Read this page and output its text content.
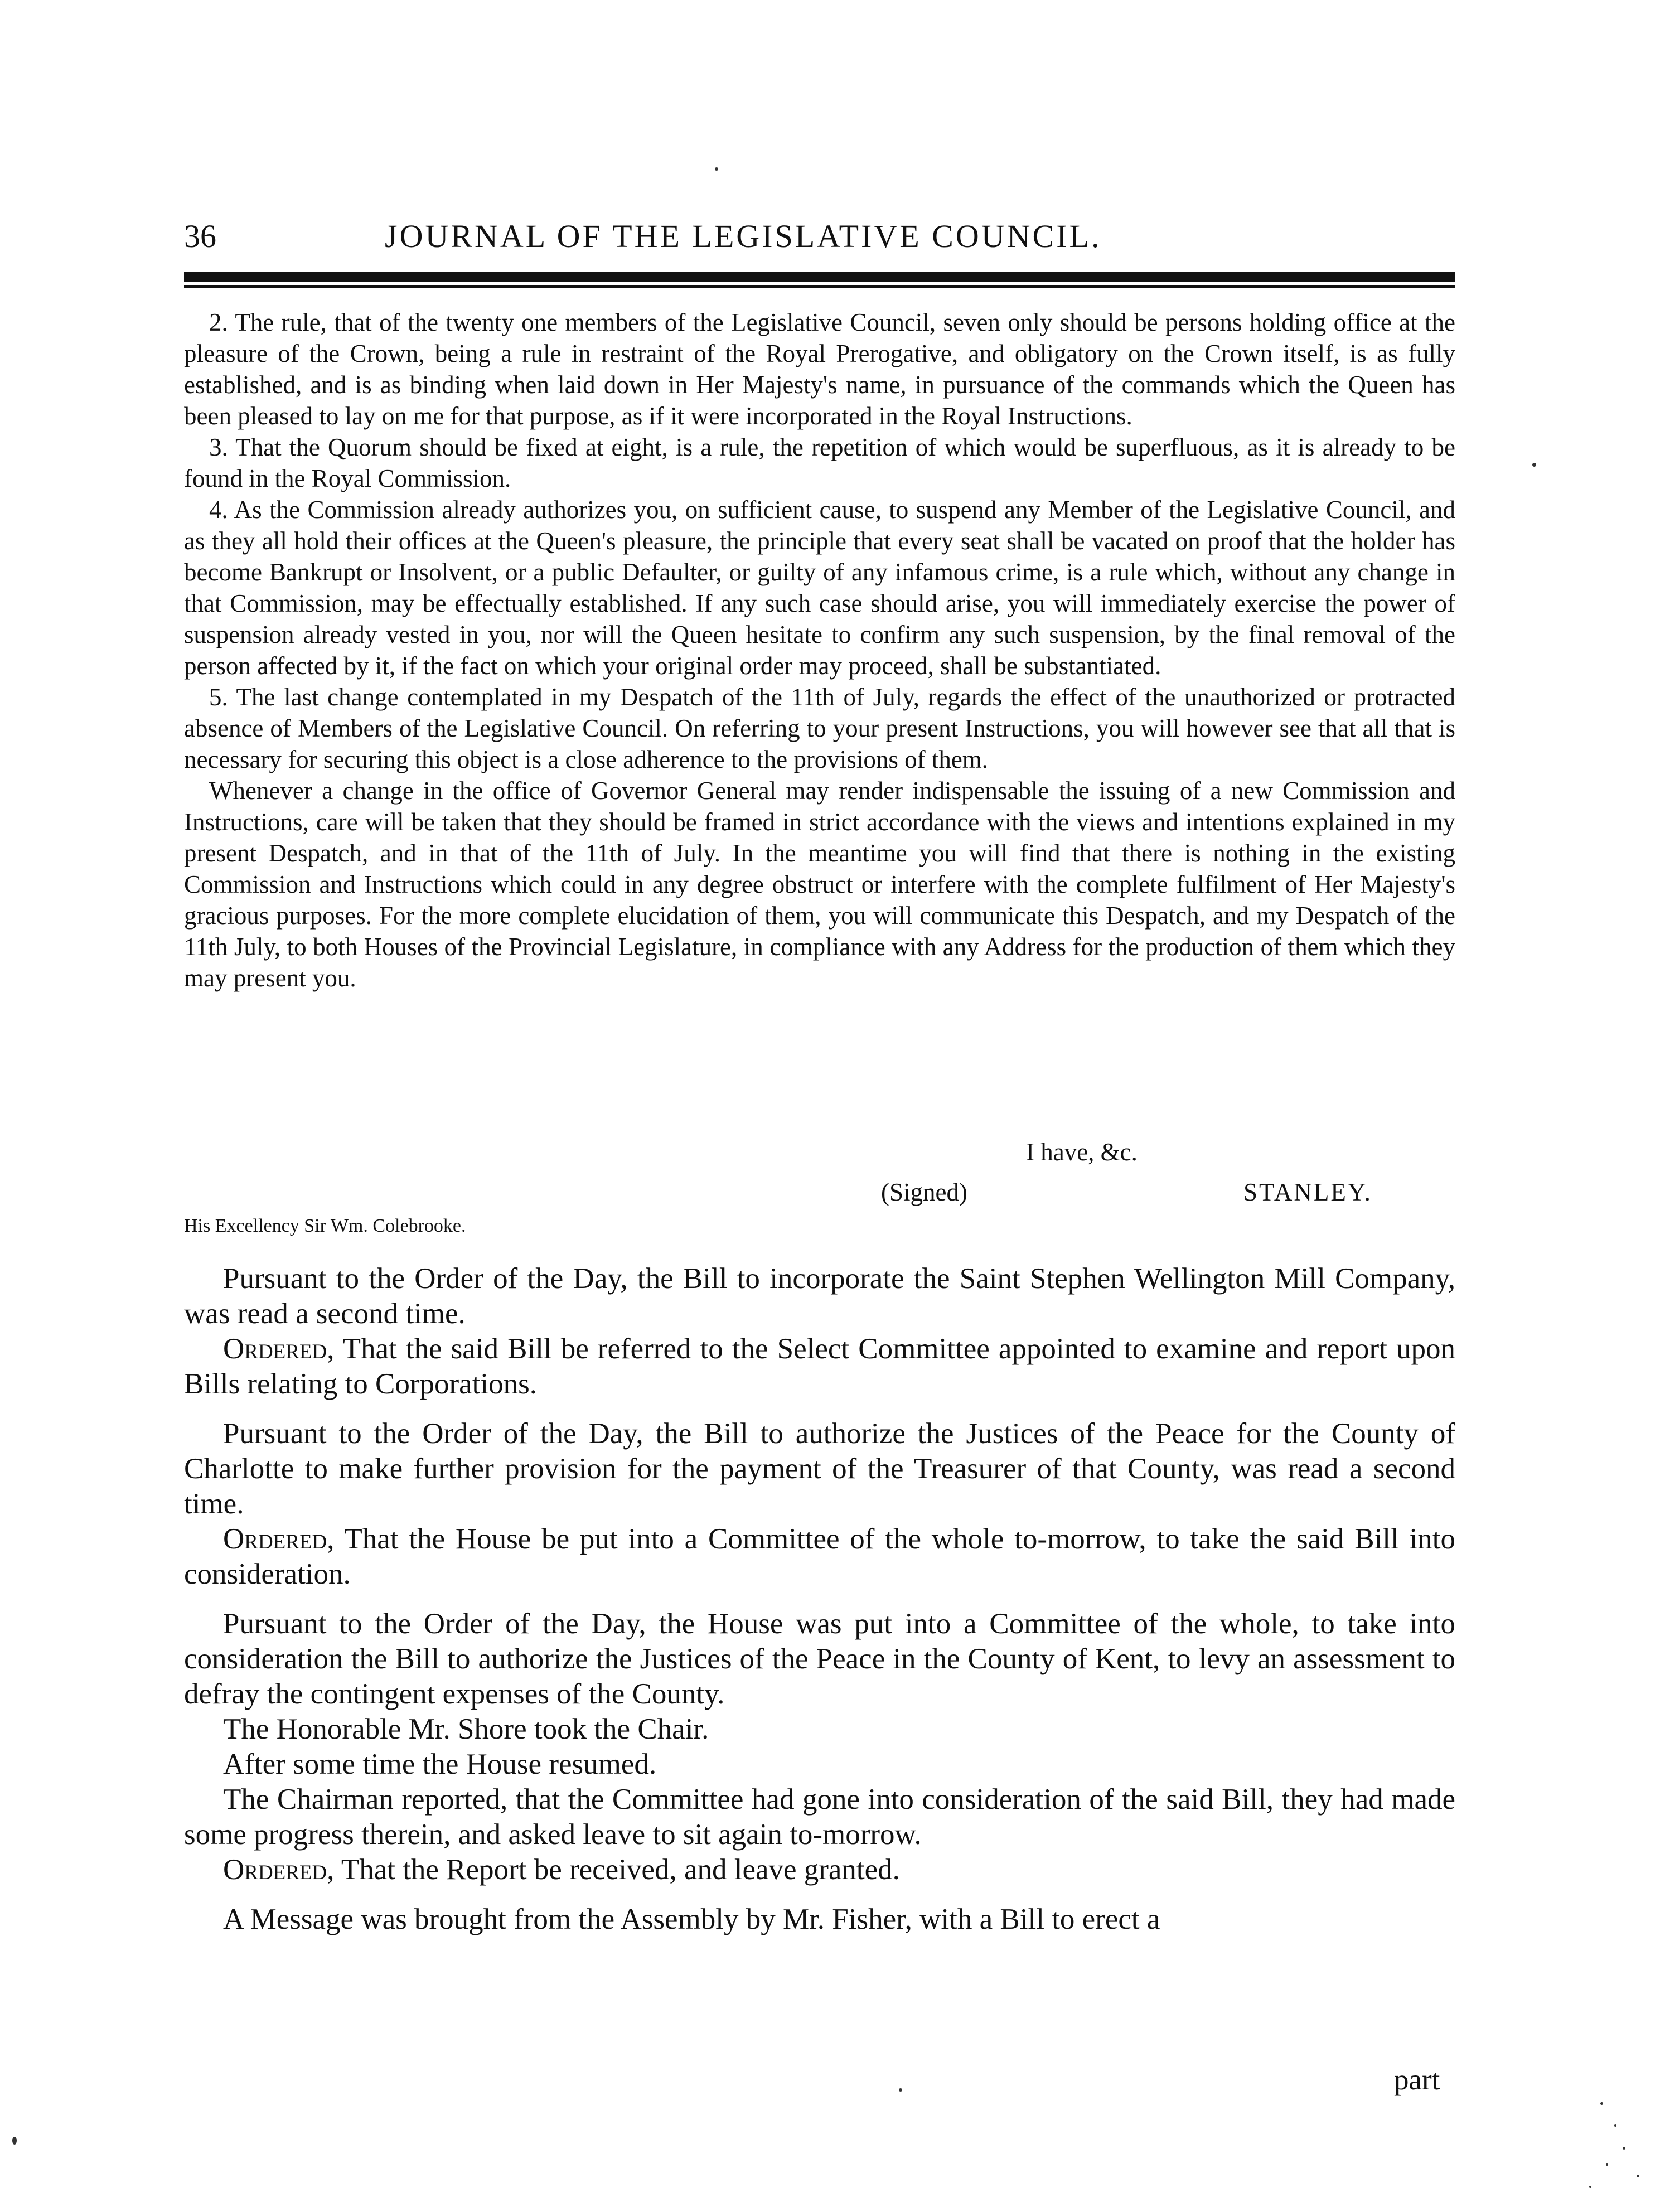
36	JOURNAL OF THE LEGISLATIVE COUNCIL.

2. The rule, that of the twenty one members of the Legislative Council, seven only should be persons holding office at the pleasure of the Crown, being a rule in restraint of the Royal Prerogative, and obligatory on the Crown itself, is as fully established, and is as binding when laid down in Her Majesty's name, in pursuance of the commands which the Queen has been pleased to lay on me for that purpose, as if it were incorporated in the Royal Instructions.

3. That the Quorum should be fixed at eight, is a rule, the repetition of which would be superfluous, as it is already to be found in the Royal Commission.

4. As the Commission already authorizes you, on sufficient cause, to suspend any Member of the Legislative Council, and as they all hold their offices at the Queen's pleasure, the principle that every seat shall be vacated on proof that the holder has become Bankrupt or Insolvent, or a public Defaulter, or guilty of any infamous crime, is a rule which, without any change in that Commission, may be effectually established. If any such case should arise, you will immediately exercise the power of suspension already vested in you, nor will the Queen hesitate to confirm any such suspension, by the final removal of the person affected by it, if the fact on which your original order may proceed, shall be substantiated.

5. The last change contemplated in my Despatch of the 11th of July, regards the effect of the unauthorized or protracted absence of Members of the Legislative Council. On referring to your present Instructions, you will however see that all that is necessary for securing this object is a close adherence to the provisions of them.

Whenever a change in the office of Governor General may render indispensable the issuing of a new Commission and Instructions, care will be taken that they should be framed in strict accordance with the views and intentions explained in my present Despatch, and in that of the 11th of July. In the meantime you will find that there is nothing in the existing Commission and Instructions which could in any degree obstruct or interfere with the complete fulfilment of Her Majesty's gracious purposes. For the more complete elucidation of them, you will communicate this Despatch, and my Despatch of the 11th July, to both Houses of the Provincial Legislature, in compliance with any Address for the production of them which they may present you.

I have, &c.
(Signed)	STANLEY.
His Excellency Sir Wm. Colebrooke.

Pursuant to the Order of the Day, the Bill to incorporate the Saint Stephen Wellington Mill Company, was read a second time.

Ordered, That the said Bill be referred to the Select Committee appointed to examine and report upon Bills relating to Corporations.

Pursuant to the Order of the Day, the Bill to authorize the Justices of the Peace for the County of Charlotte to make further provision for the payment of the Treasurer of that County, was read a second time.

Ordered, That the House be put into a Committee of the whole to-morrow, to take the said Bill into consideration.

Pursuant to the Order of the Day, the House was put into a Committee of the whole, to take into consideration the Bill to authorize the Justices of the Peace in the County of Kent, to levy an assessment to defray the contingent expenses of the County.

The Honorable Mr. Shore took the Chair.

After some time the House resumed.

The Chairman reported, that the Committee had gone into consideration of the said Bill, they had made some progress therein, and asked leave to sit again to-morrow.

Ordered, That the Report be received, and leave granted.

A Message was brought from the Assembly by Mr. Fisher, with a Bill to erect a

part
